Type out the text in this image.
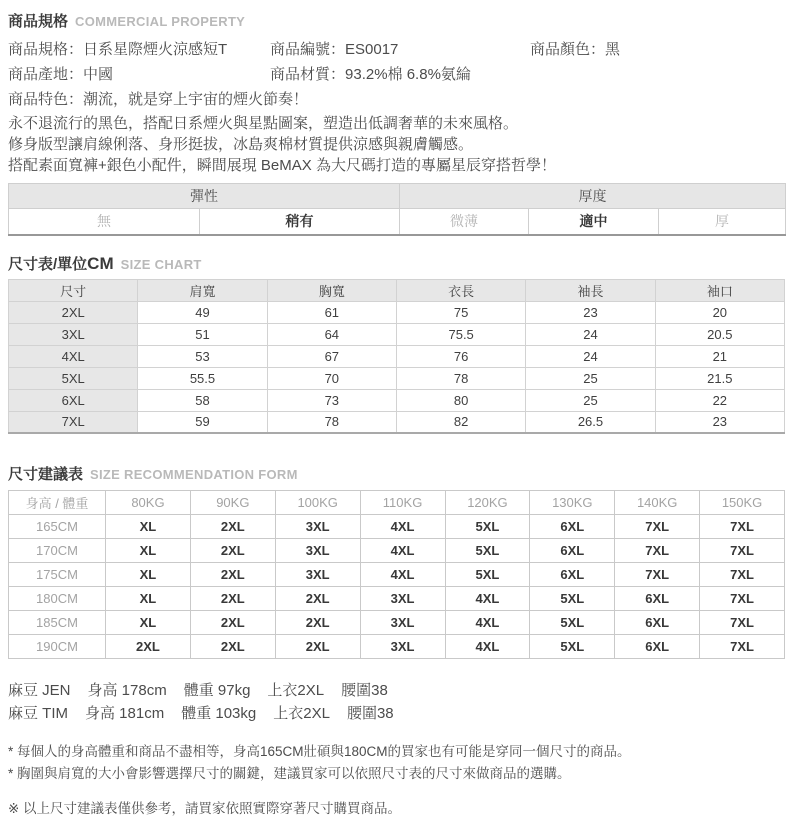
商品規格 COMMERCIAL PROPERTY
商品規格：日系星際煙火涼感短T	商品編號：ES0017	商品顏色：黑
商品產地：中國	商品材質：93.2%棉 6.8%氨綸
商品特色： 潮流，就是穿上宇宙的煙火節奏！

永不退流行的黑色，搭配日系煙火與星點圖案，塑造出低調奢華的未來風格。

修身版型讓肩線俐落、身形挺拔，冰島爽棉材質提供涼感與親膚觸感。

搭配素面寬褲+銀色小配件，瞬間展現 BeMAX 為大尺碼打造的專屬星辰穿搭哲學！

彈性		厚度		
無	稍有	微薄	適中	厚
尺寸表/單位 CM SIZE CHART
尺寸	肩寬	胸寬	衣長	袖長	袖口
2XL	49	61	75	23	20
3XL	51	64	75.5	24	20.5
4XL	53	67	76	24	21
5XL	55.5	70	78	25	21.5
6XL	58	73	80	25	22
7XL	59	78	82	26.5	23
尺寸建議表 SIZE RECOMMENDATION FORM
身高 / 體重	80KG	90KG	100KG	110KG	120KG	130KG	140KG	150KG
165CM	XL	2XL	3XL	4XL	5XL	6XL	7XL	7XL
170CM	XL	2XL	3XL	4XL	5XL	6XL	7XL	7XL
175CM	XL	2XL	3XL	4XL	5XL	6XL	7XL	7XL
180CM	XL	2XL	2XL	3XL	4XL	5XL	6XL	7XL
185CM	XL	2XL	2XL	3XL	4XL	5XL	6XL	7XL
190CM	2XL	2XL	2XL	3XL	4XL	5XL	6XL	7XL
麻豆 JEN 身高 178cm 體重 97kg 上衣2XL 腰圍38
麻豆 TIM 身高 181cm 體重 103kg 上衣2XL 腰圍38

* 每個人的身高體重和商品不盡相等，身高165CM壯碩與180CM的買家也有可能是穿同一個尺寸的商品。

* 胸圍與肩寬的大小會影響選擇尺寸的關鍵，建議買家可以依照尺寸表的尺寸來做商品的選購。

※ 以上尺寸建議表僅供參考，請買家依照實際穿著尺寸購買商品。
